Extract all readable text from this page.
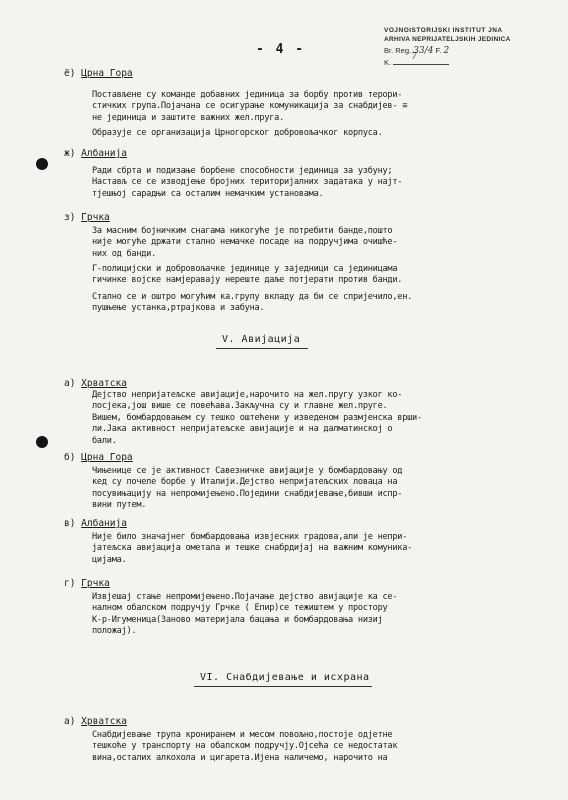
- 4 -
VOJNOISTORIJSKI INSTITUT JNA
ARHIVA NEPRIJATELJSKIH JEDINICA
Br. Reg. 33/4 F. 2
K.  7
ё) Црна Гора
Постављене су команде добавних јединица за борбу против терори-
стичких група.Појачана се осигурање комуникација за снабдијев- ≡
не јединица и заштите важних жел.пруга.
Образује се организација Црногорског добровољачког корпуса.
ж) Албанија
Ради сбрта и подизање борбене способности јединица за узбуну;
Настављ се се изводјење бројних територијалних задатака у најт-
тјешњој сарадњи са осталим немачким установама.
з) Грчка
За масним бојничким снагама никогуће је потребити банде,пошто
није могуће држати стално немачке посаде на подручјима очишће-
них од банди.
Г-полицијски и добровољачке јединице у заједници са јединицама
гичинке војске намјеравају нереште даље потјерати против банди.
Стално се и оштро могућим ка.групу вкладу да би се спријечило,ен.
пушњење устанка,ртрајкова и забуна.
V. Авијација
а) Хрватска
Дејство непријатељске авијације,нарочито на жел.пругу узког ко-
лосјека,још више се повећава.Закључна су и главне жел.пруге.
Вишем, бомбардовањем су тешко оштећени у изведеном размјенска врши-
ли.Јака активност непријатељске авијације и на далматинској о
бали.
б) Црна Гора
Чињенице се је активност Савезничке авијације у бомбардовању од
кед су почеле борбе у Италији.Дејство непријатељских ловаца на
посувињацију на непромијењено.Поједини снабдијевање,бивши испр-
вини путем.
в) Албанија
Није било значајнег бомбардовања извјесних градова,али је непри-
јатељска авијација ометала и тешке снабрдијај на важним комуника-
цијама.
г) Грчка
Извјешај стање непромијењено.Појачање дејство авијације ка се-
налном обалском подручју Грчке ( Епир)се тежиштем у простору
К-р-Игуменица(Заново материјала бацања и бомбардовања низиј
положај).
VI. Снабдијевање и исхрана
а) Хрватска
Снабдијевање трупа крониранем и месом повољно,постоје одјетне
тешкоће у транспорту на обалском подручју.Ојсећа се недостатак
вина,осталих алкохола и цигарета.Ијена наличемо, нарочито на
